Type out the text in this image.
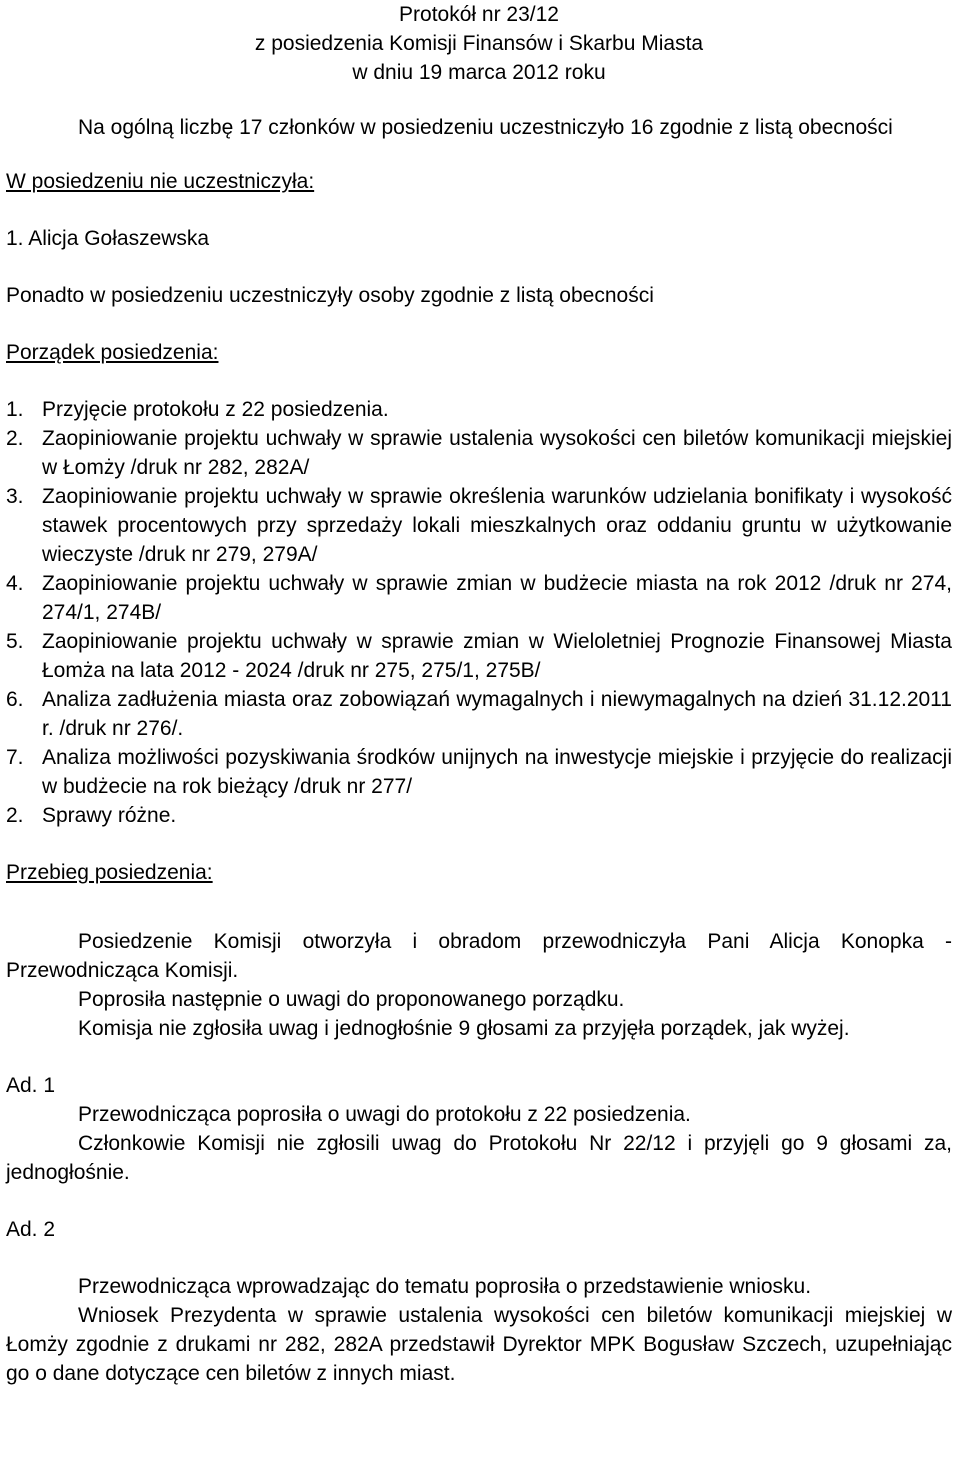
Protokół nr 23/12
z posiedzenia Komisji Finansów i Skarbu Miasta
w dniu 19 marca 2012 roku

Na ogólną liczbę 17 członków w posiedzeniu uczestniczyło 16 zgodnie z listą obecności

W posiedzeniu nie uczestniczyła:

1. Alicja Gołaszewska

Ponadto w posiedzeniu uczestniczyły osoby zgodnie z listą obecności

Porządek posiedzenia:

1. Przyjęcie protokołu z 22 posiedzenia.
2. Zaopiniowanie projektu uchwały w sprawie ustalenia wysokości cen biletów komunikacji miejskiej w Łomży /druk nr 282, 282A/
3. Zaopiniowanie projektu uchwały w sprawie określenia warunków udzielania bonifikaty i wysokość stawek procentowych przy sprzedaży lokali mieszkalnych oraz oddaniu gruntu w użytkowanie wieczyste /druk nr 279, 279A/
4. Zaopiniowanie projektu uchwały w sprawie zmian w budżecie miasta na rok 2012 /druk nr 274, 274/1, 274B/
5. Zaopiniowanie projektu uchwały w sprawie zmian w Wieloletniej Prognozie Finansowej Miasta Łomża na lata 2012 - 2024 /druk nr 275, 275/1, 275B/
6. Analiza zadłużenia miasta oraz zobowiązań wymagalnych i niewymagalnych na dzień 31.12.2011 r. /druk nr 276/.
7. Analiza możliwości pozyskiwania środków unijnych na inwestycje miejskie i przyjęcie do realizacji w budżecie na rok bieżący /druk nr 277/
2. Sprawy różne.

Przebieg posiedzenia:

Posiedzenie Komisji otworzyła i obradom przewodniczyła Pani Alicja Konopka - Przewodnicząca Komisji.

Poprosiła następnie o uwagi do proponowanego porządku.

Komisja nie zgłosiła uwag i jednogłośnie 9 głosami za przyjęła porządek, jak wyżej.

Ad. 1

Przewodnicząca poprosiła o uwagi do protokołu z 22 posiedzenia.

Członkowie Komisji nie zgłosili uwag do Protokołu Nr 22/12 i przyjęli go 9 głosami za, jednogłośnie.

Ad. 2

Przewodnicząca wprowadzając do tematu poprosiła o przedstawienie wniosku.

Wniosek Prezydenta w sprawie ustalenia wysokości cen biletów komunikacji miejskiej w Łomży zgodnie z drukami nr 282, 282A przedstawił Dyrektor MPK Bogusław Szczech, uzupełniając go o dane dotyczące cen biletów z innych miast.
